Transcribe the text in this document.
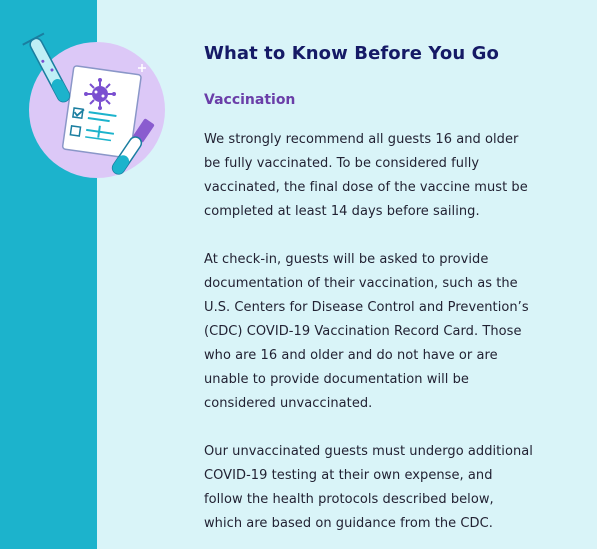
What to Know Before You Go
Vaccination

We strongly recommend all guests 16 and older be fully vaccinated. To be considered fully vaccinated, the final dose of the vaccine must be completed at least 14 days before sailing.

At check-in, guests will be asked to provide documentation of their vaccination, such as the U.S. Centers for Disease Control and Prevention’s (CDC) COVID-19 Vaccination Record Card. Those who are 16 and older and do not have or are unable to provide documentation will be considered unvaccinated.

Our unvaccinated guests must undergo additional COVID-19 testing at their own expense, and follow the health protocols described below, which are based on guidance from the CDC.
